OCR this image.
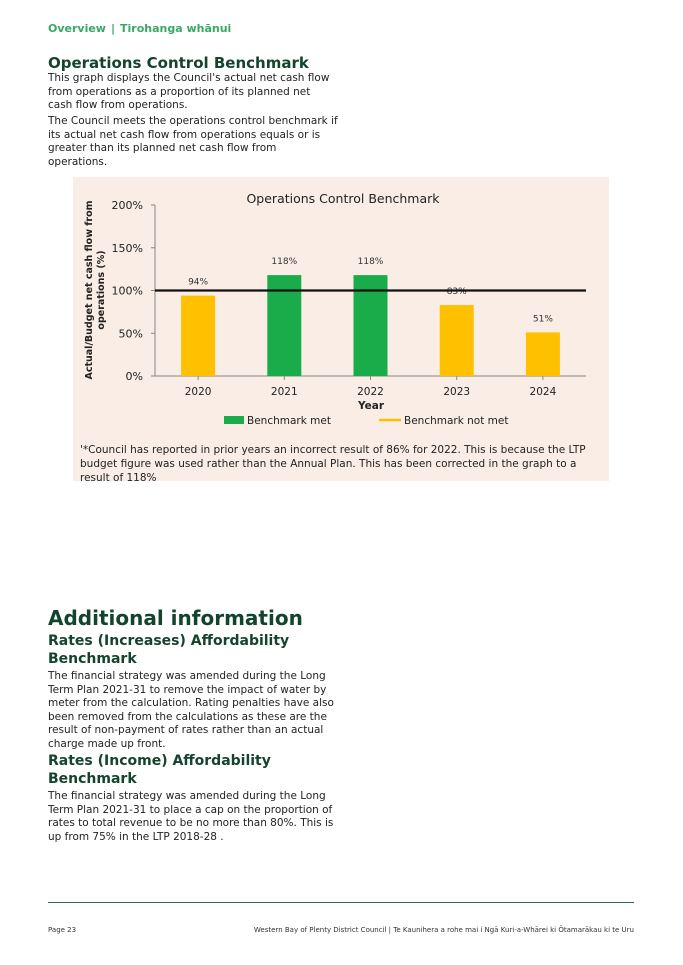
Overview | Tirohanga whānui
Operations Control Benchmark

This graph displays the Council's actual net cash flow from operations as a proportion of its planned net cash flow from operations.

The Council meets the operations control benchmark if its actual net cash flow from operations equals or is greater than its planned net cash flow from operations.

Operations Control Benchmark
0%
50%
100%
150%
200%
Actual/Budget net cash flow from operations (%)	94%
2020
118%
2021
118%
2022
83%
2023
51%
2024
Year
Benchmark met	Benchmark not met
'*Council has reported in prior years an incorrect result of 86% for 2022. This is because the LTP budget figure was used rather than the Annual Plan. This has been corrected in the graph to a result of 118%
Additional information
Rates (Increases) Affordability Benchmark

The financial strategy was amended during the Long Term Plan 2021-31 to remove the impact of water by meter from the calculation. Rating penalties have also been removed from the calculations as these are the result of non-payment of rates rather than an actual charge made up front.

Rates (Income) Affordability Benchmark

The financial strategy was amended during the Long Term Plan 2021-31 to place a cap on the proportion of rates to total revenue to be no more than 80%. This is up from 75% in the LTP 2018-28 .

Page 23	Western Bay of Plenty District Council | Te Kaunihera a rohe mai i Ngā Kuri-a-Whārei ki Ōtamarākau ki te Uru
